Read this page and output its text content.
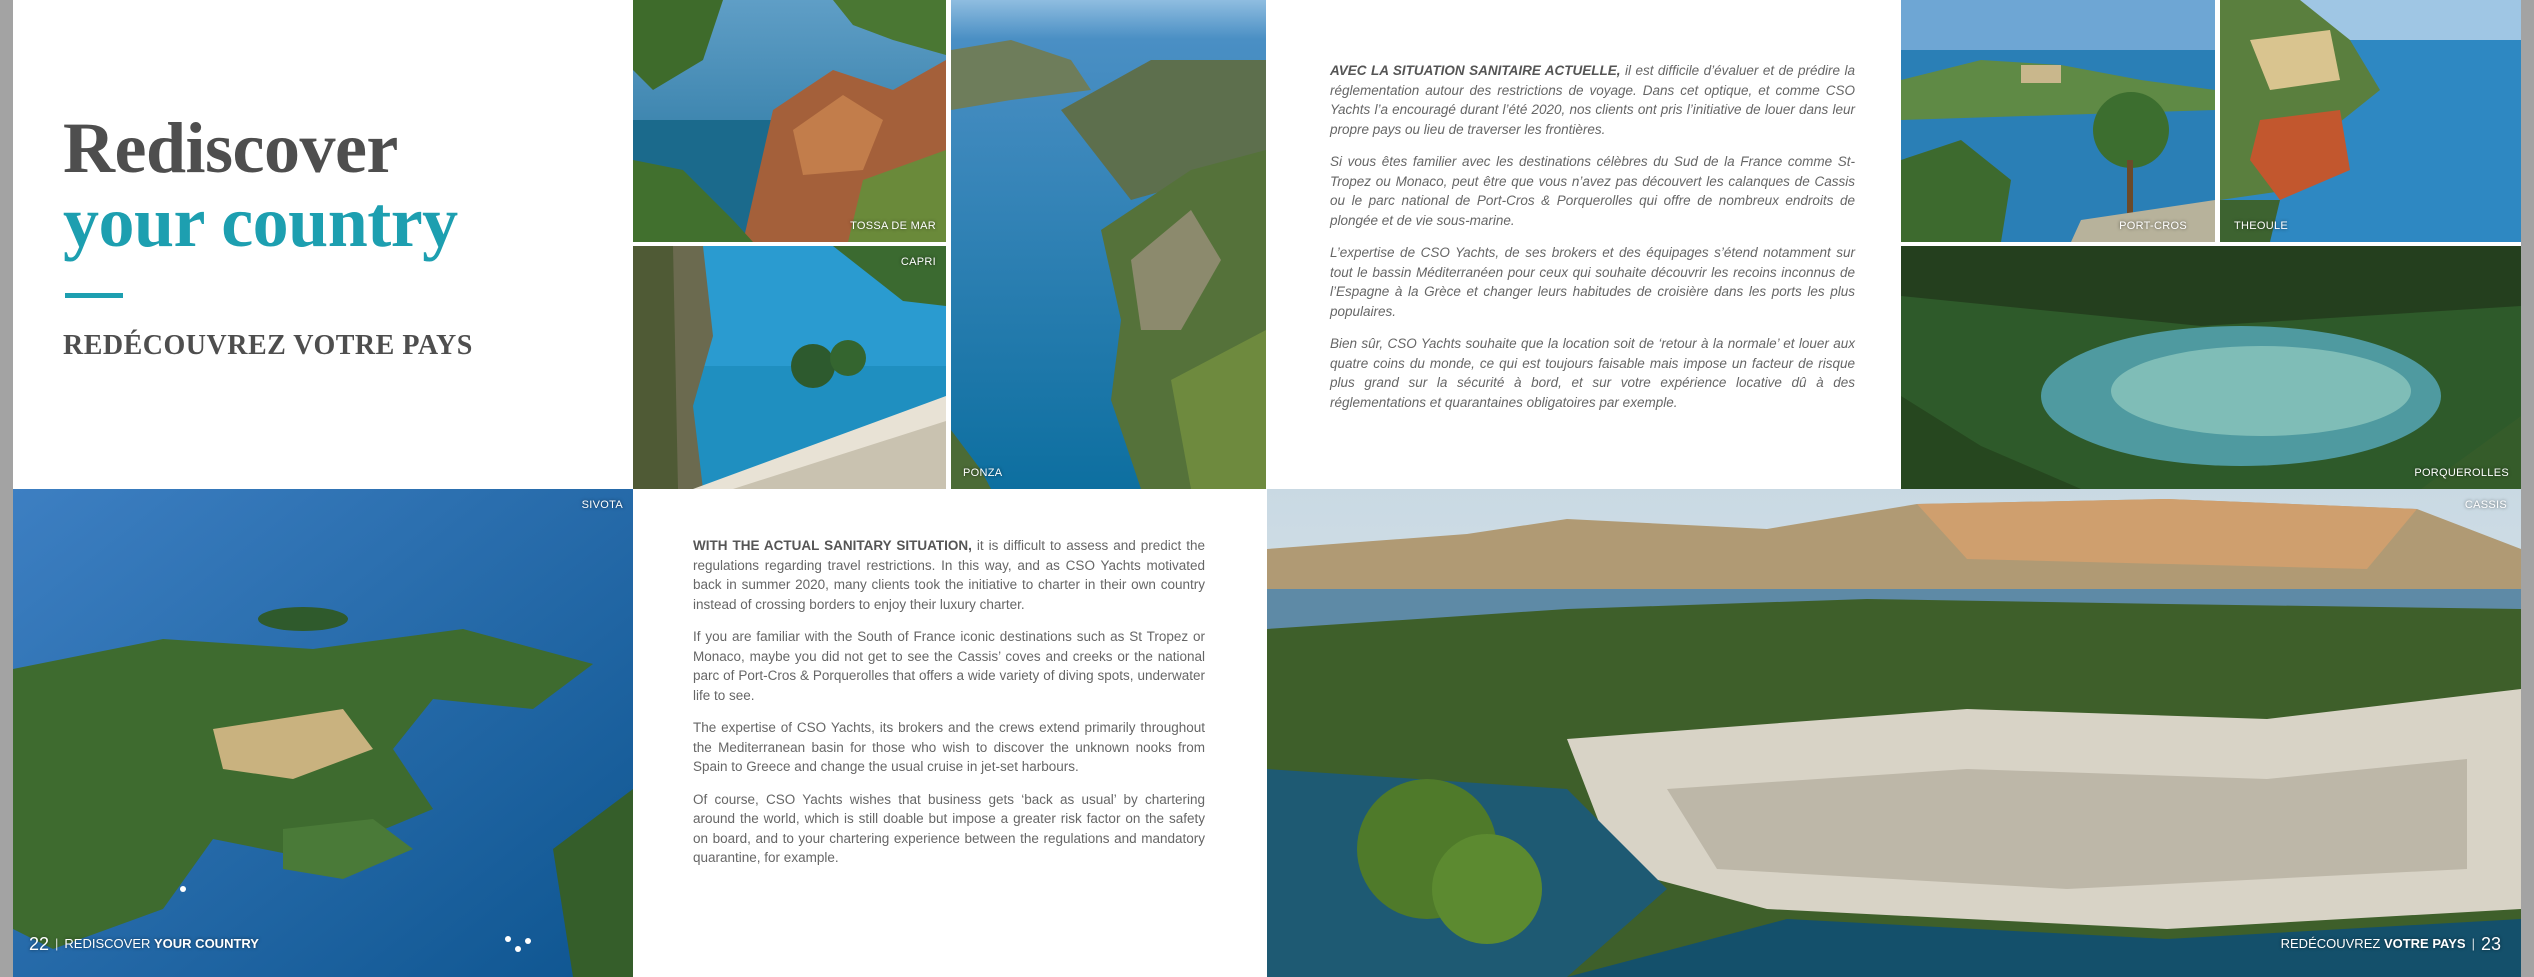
Rediscover
your country
REDÉCOUVREZ VOTRE PAYS
TOSSA DE MAR
CAPRI
PONZA
PORT-CROS	THEOULE
PORQUEROLLES

AVEC LA SITUATION SANITAIRE ACTUELLE, il est difficile d’évaluer et de prédire la réglementation autour des restrictions de voyage. Dans cet optique, et comme CSO Yachts l’a encouragé durant l’été 2020, nos clients ont pris l’initiative de louer dans leur propre pays ou lieu de traverser les frontières.

Si vous êtes familier avec les destinations célèbres du Sud de la France comme St-Tropez ou Monaco, peut être que vous n’avez pas découvert les calanques de Cassis ou le parc national de Port-Cros & Porquerolles qui offre de nombreux endroits de plongée et de vie sous-marine.

L’expertise de CSO Yachts, de ses brokers et des équipages s’étend notamment sur tout le bassin Méditerranéen pour ceux qui souhaite découvrir les recoins inconnus de l’Espagne à la Grèce et changer leurs habitudes de croisière dans les ports les plus populaires.

Bien sûr, CSO Yachts souhaite que la location soit de ‘retour à la normale’ et louer aux quatre coins du monde, ce qui est toujours faisable mais impose un facteur de risque plus grand sur la sécurité à bord, et sur votre expérience locative dû à des réglementations et quarantaines obligatoires par exemple.

SIVOTA

WITH THE ACTUAL SANITARY SITUATION, it is difficult to assess and predict the regulations regarding travel restrictions. In this way, and as CSO Yachts motivated back in summer 2020, many clients took the initiative to charter in their own country instead of crossing borders to enjoy their luxury charter.

If you are familiar with the South of France iconic destinations such as St Tropez or Monaco, maybe you did not get to see the Cassis’ coves and creeks or the national parc of Port-Cros & Porquerolles that offers a wide variety of diving spots, underwater life to see.

The expertise of CSO Yachts, its brokers and the crews extend primarily throughout the Mediterranean basin for those who wish to discover the unknown nooks from Spain to Greece and change the usual cruise in jet-set harbours.

Of course, CSO Yachts wishes that business gets ‘back as usual’ by chartering around the world, which is still doable but impose a greater risk factor on the safety on board, and to your chartering experience between the regulations and mandatory quarantine, for example.

CASSIS
22 | REDISCOVER YOUR COUNTRY	REDÉCOUVREZ VOTRE PAYS | 23
